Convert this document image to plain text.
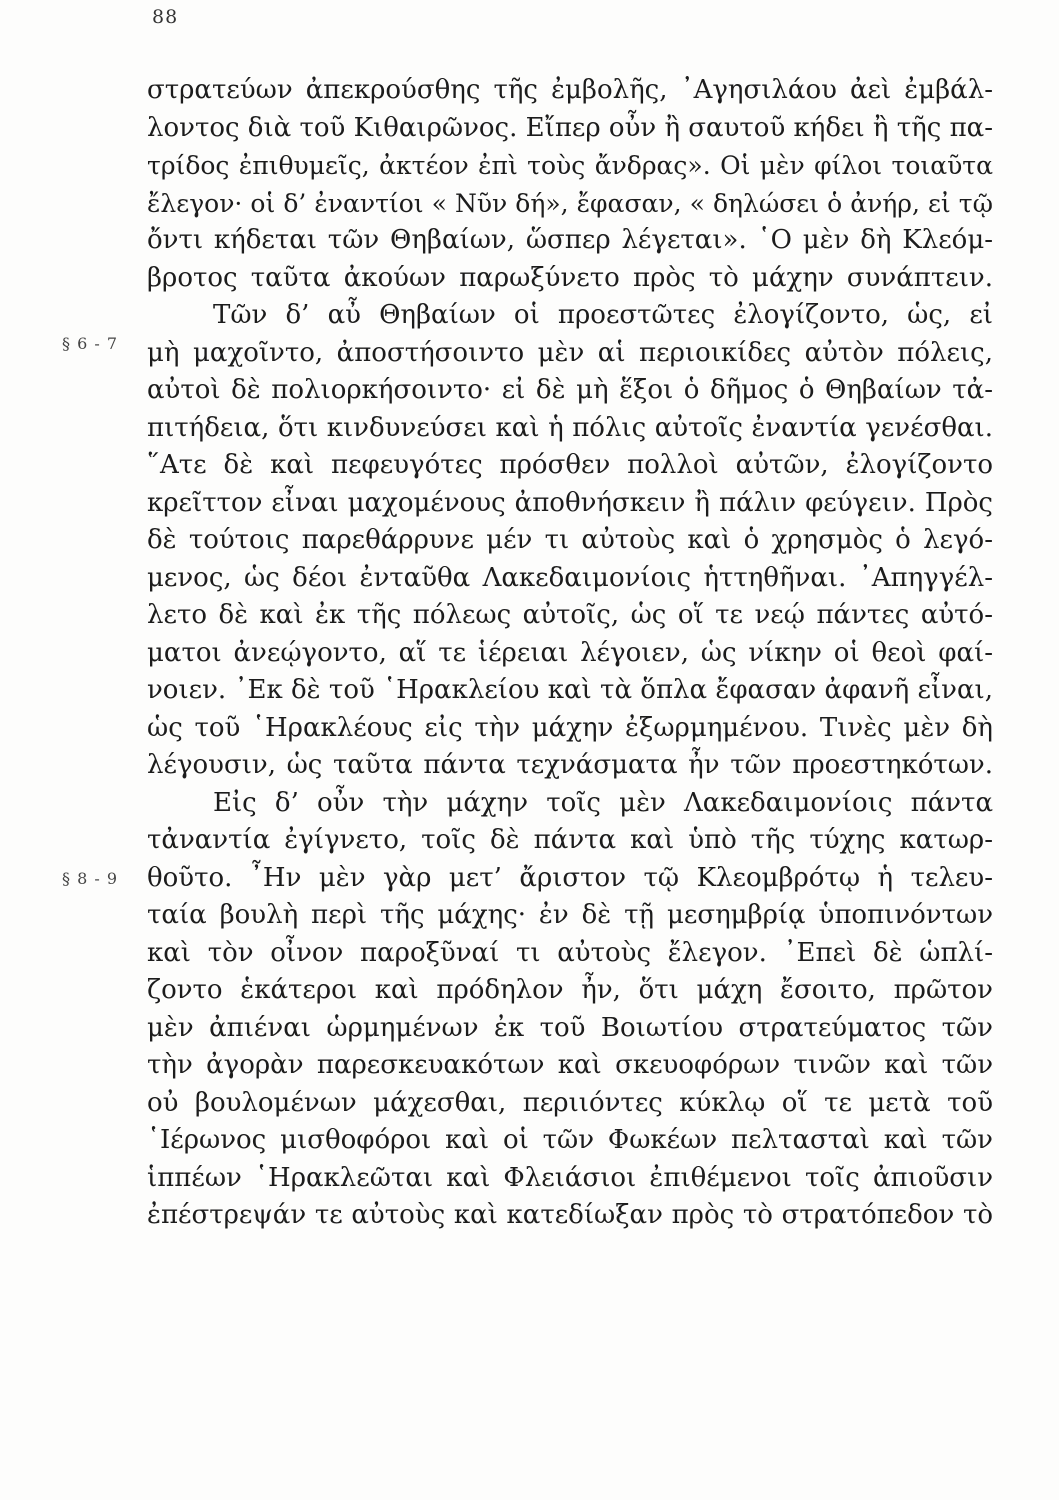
88
§ 6 - 7
§ 8 - 9
στρατεύων ἀπεκρούσθης τῆς ἐμβολῆς, ᾿Αγησιλάου ἀεὶ ἐμβάλ-
λοντος διὰ τοῦ Κιθαιρῶνος. Εἴπερ οὖν ἢ σαυτοῦ κήδει ἢ τῆς πα-
τρίδος ἐπιθυμεῖς, ἀκτέον ἐπὶ τοὺς ἄνδρας». Οἱ μὲν φίλοι τοιαῦτα
ἔλεγον· οἱ δ’ ἐναντίοι « Νῦν δή», ἔφασαν, « δηλώσει ὁ ἀνήρ, εἰ τῷ
ὄντι κήδεται τῶν Θηβαίων, ὥσπερ λέγεται». ῾Ο μὲν δὴ Κλεόμ-
βροτος ταῦτα ἀκούων παρωξύνετο πρὸς τὸ μάχην συνάπτειν.
Τῶν δ’ αὖ Θηβαίων οἱ προεστῶτες ἐλογίζοντο, ὡς, εἰ
μὴ μαχοῖντο, ἀποστήσοιντο μὲν αἱ περιοικίδες αὐτὸν πόλεις,
αὐτοὶ δὲ πολιορκήσοιντο· εἰ δὲ μὴ ἕξοι ὁ δῆμος ὁ Θηβαίων τἀ-
πιτήδεια, ὅτι κινδυνεύσει καὶ ἡ πόλις αὐτοῖς ἐναντία γενέσθαι.
῞Ατε δὲ καὶ πεφευγότες πρόσθεν πολλοὶ αὐτῶν, ἐλογίζοντο
κρεῖττον εἶναι μαχομένους ἀποθνήσκειν ἢ πάλιν φεύγειν. Πρὸς
δὲ τούτοις παρεθάρρυνε μέν τι αὐτοὺς καὶ ὁ χρησμὸς ὁ λεγό-
μενος, ὡς δέοι ἐνταῦθα Λακεδαιμονίοις ἡττηθῆναι. ᾿Απηγγέλ-
λετο δὲ καὶ ἐκ τῆς πόλεως αὐτοῖς, ὡς οἵ τε νεῴ πάντες αὐτό-
ματοι ἀνεῴγοντο, αἵ τε ἱέρειαι λέγοιεν, ὡς νίκην οἱ θεοὶ φαί-
νοιεν. ᾿Εκ δὲ τοῦ ῾Ηρακλείου καὶ τὰ ὅπλα ἔφασαν ἀφανῆ εἶναι,
ὡς τοῦ ῾Ηρακλέους εἰς τὴν μάχην ἐξωρμημένου. Τινὲς μὲν δὴ
λέγουσιν, ὡς ταῦτα πάντα τεχνάσματα ἦν τῶν προεστηκότων.
Εἰς δ’ οὖν τὴν μάχην τοῖς μὲν Λακεδαιμονίοις πάντα
τἀναντία ἐγίγνετο, τοῖς δὲ πάντα καὶ ὑπὸ τῆς τύχης κατωρ-
θοῦτο. ῏Ην μὲν γὰρ μετ’ ἄριστον τῷ Κλεομβρότῳ ἡ τελευ-
ταία βουλὴ περὶ τῆς μάχης· ἐν δὲ τῇ μεσημβρίᾳ ὑποπινόντων
καὶ τὸν οἶνον παροξῦναί τι αὐτοὺς ἔλεγον. ᾿Επεὶ δὲ ὡπλί-
ζοντο ἑκάτεροι καὶ πρόδηλον ἦν, ὅτι μάχη ἔσοιτο, πρῶτον
μὲν ἀπιέναι ὡρμημένων ἐκ τοῦ Βοιωτίου στρατεύματος τῶν
τὴν ἀγορὰν παρεσκευακότων καὶ σκευοφόρων τινῶν καὶ τῶν
οὐ βουλομένων μάχεσθαι, περιιόντες κύκλῳ οἵ τε μετὰ τοῦ
῾Ιέρωνος μισθοφόροι καὶ οἱ τῶν Φωκέων πελτασταὶ καὶ τῶν
ἱππέων ῾Ηρακλεῶται καὶ Φλειάσιοι ἐπιθέμενοι τοῖς ἀπιοῦσιν
ἐπέστρεψάν τε αὐτοὺς καὶ κατεδίωξαν πρὸς τὸ στρατόπεδον τὸ
